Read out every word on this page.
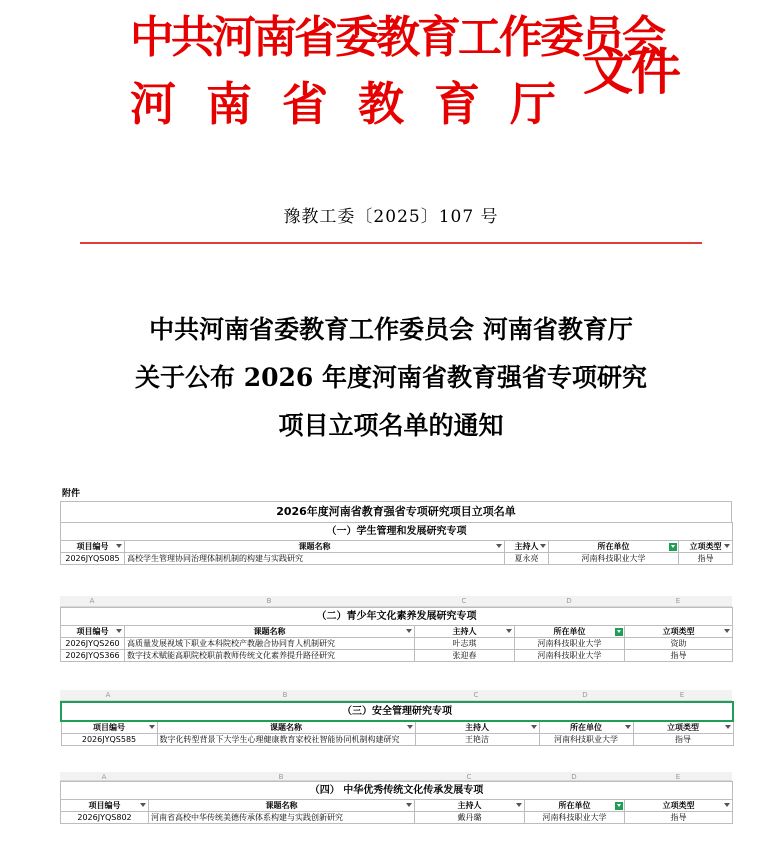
中共河南省委教育工作委员会
河南省教育厅
文件
豫教工委〔2025〕107 号
中共河南省委教育工作委员会 河南省教育厅
关于公布 2026 年度河南省教育强省专项研究
项目立项名单的通知
附件
2026年度河南省教育强省专项研究项目立项名单
（一）学生管理和发展研究专项				
项目编号	课题名称	主持人	所在单位	立项类型

2026JYQS085	高校学生管理协同治理体制机制的构建与实践研究	夏永亮	河南科技职业大学	指导
A	B	C	D	E
（二）青少年文化素养发展研究专项				
项目编号	课题名称	主持人	所在单位	立项类型

2026JYQS260	高质量发展视域下职业本科院校产教融合协同育人机制研究	叶志琪	河南科技职业大学	资助
2026JYQS366	数字技术赋能高职院校职前教师传统文化素养提升路径研究	张迎春	河南科技职业大学	指导
A	B	C	D	E
（三）安全管理研究专项				
项目编号	课题名称	主持人	所在单位	立项类型

2026JYQS585	数字化转型背景下大学生心理健康教育家校社智能协同机制构建研究	王艳洁	河南科技职业大学	指导
A	B	C	D	E
（四） 中华优秀传统文化传承发展专项				
项目编号	课题名称	主持人	所在单位	立项类型

2026JYQS802	河南省高校中华传统美德传承体系构建与实践创新研究	戴丹璐	河南科技职业大学	指导
